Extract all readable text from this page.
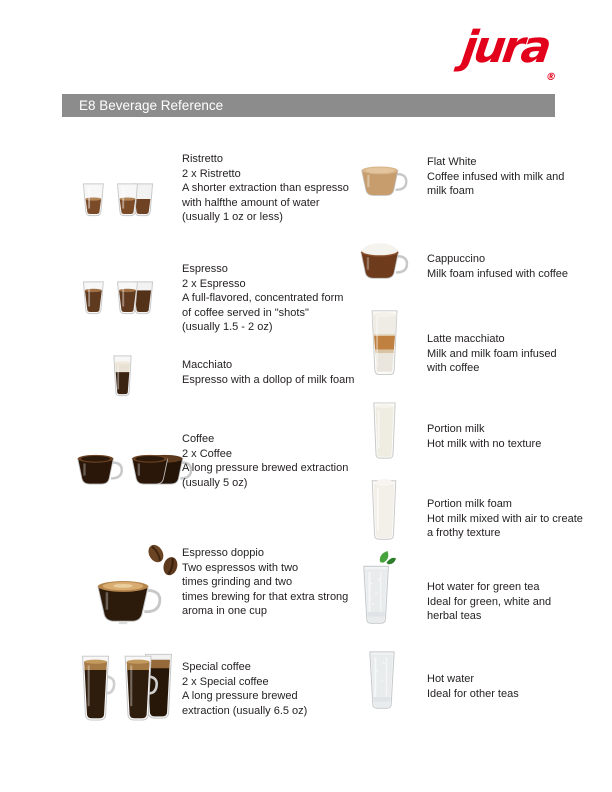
jura$_®$
E8 Beverage Reference
Ristretto
2 x Ristretto
A shorter extraction than espresso
with halfthe amount of water
(usually 1 oz or less)
Espresso
2 x Espresso
A full-flavored, concentrated form
of coffee served in "shots"
(usually 1.5 - 2 oz)
Macchiato
Espresso with a dollop of milk foam
Coffee
2 x Coffee
A long pressure brewed extraction
(usually 5 oz)
Espresso doppio
Two espressos with two
times grinding and two
times brewing for that extra strong
aroma in one cup
Special coffee
2 x Special coffee
A long pressure brewed
extraction (usually 6.5 oz)
Flat White
Coffee infused with milk and
milk foam
Cappuccino
Milk foam infused with coffee
Latte macchiato
Milk and milk foam infused
with coffee
Portion milk
Hot milk with no texture
Portion milk foam
Hot milk mixed with air to create
a frothy texture
Hot water for green tea
Ideal for green, white and
herbal teas
Hot water
Ideal for other teas
